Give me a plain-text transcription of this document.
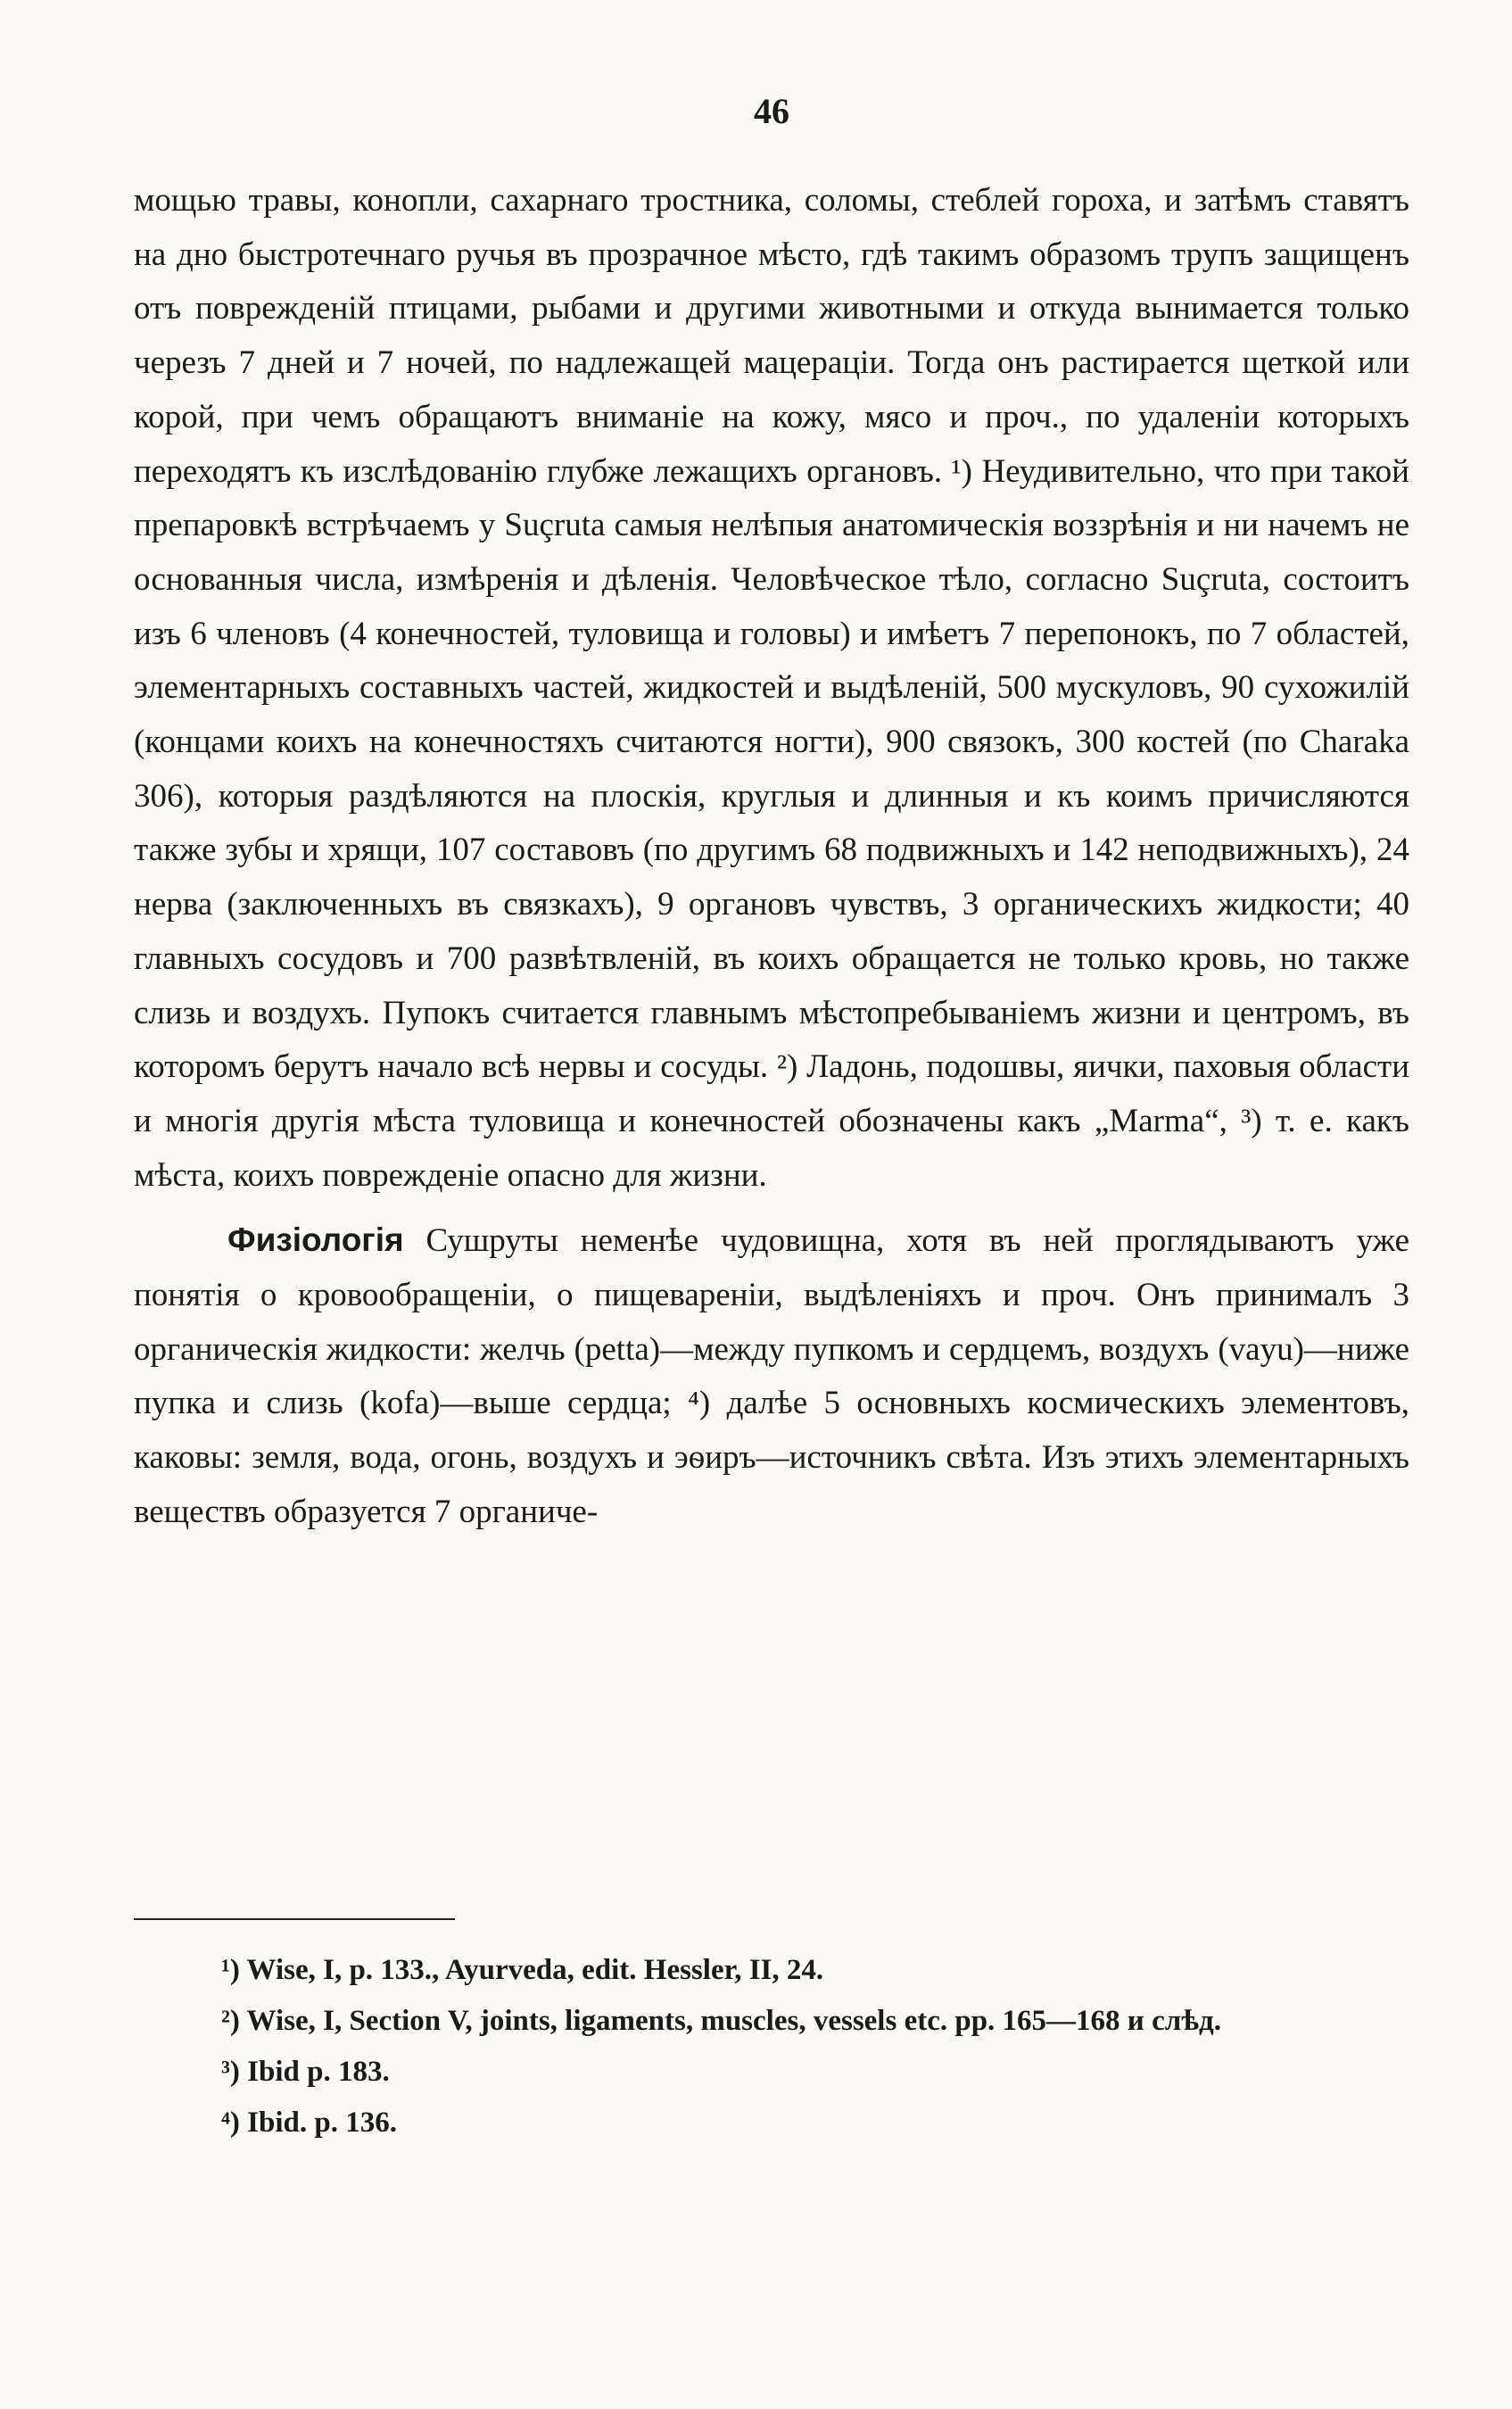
46

мощью травы, конопли, сахарнаго тростника, соломы, стеблей гороха, и затѣмъ ставятъ на дно быстротечнаго ручья въ прозрачное мѣсто, гдѣ такимъ образомъ трупъ защищенъ отъ поврежденій птицами, рыбами и другими животными и откуда вынимается только черезъ 7 дней и 7 ночей, по надлежащей мацераціи. Тогда онъ растирается щеткой или корой, при чемъ обращаютъ вниманіе на кожу, мясо и проч., по удаленіи которыхъ переходятъ къ изслѣдованію глубже лежащихъ органовъ. ¹) Неудивительно, что при такой препаровкѣ встрѣчаемъ у Suçruta самыя нелѣпыя анатомическія воззрѣнія и ни начемъ не основанныя числа, измѣренія и дѣленія. Человѣческое тѣло, согласно Suçruta, состоитъ изъ 6 членовъ (4 конечностей, туловища и головы) и имѣетъ 7 перепонокъ, по 7 областей, элементарныхъ составныхъ частей, жидкостей и выдѣленій, 500 мускуловъ, 90 сухожилій (концами коихъ на конечностяхъ считаются ногти), 900 связокъ, 300 костей (по Charaka 306), которыя раздѣляются на плоскія, круглыя и длинныя и къ коимъ причисляются также зубы и хрящи, 107 составовъ (по другимъ 68 подвижныхъ и 142 неподвижныхъ), 24 нерва (заключенныхъ въ связкахъ), 9 органовъ чувствъ, 3 органическихъ жидкости; 40 главныхъ сосудовъ и 700 развѣтвленій, въ коихъ обращается не только кровь, но также слизь и воздухъ. Пупокъ считается главнымъ мѣстопребываніемъ жизни и центромъ, въ которомъ берутъ начало всѣ нервы и сосуды. ²) Ладонь, подошвы, яички, паховыя области и многія другія мѣста туловища и конечностей обозначены какъ „Marma“, ³) т. е. какъ мѣста, коихъ поврежденіе опасно для жизни.

Физіологія Сушруты неменѣе чудовищна, хотя въ ней проглядываютъ уже понятія о кровообращеніи, о пищевареніи, выдѣленіяхъ и проч. Онъ принималъ 3 органическія жидкости: желчь (petta)—между пупкомъ и сердцемъ, воздухъ (vayu)—ниже пупка и слизь (kofa)—выше сердца; ⁴) далѣе 5 основныхъ космическихъ элементовъ, каковы: земля, вода, огонь, воздухъ и эѳиръ—источникъ свѣта. Изъ этихъ элементарныхъ веществъ образуется 7 органиче-

¹) Wise, I, p. 133., Ayurveda, edit. Hessler, II, 24.

²) Wise, I, Section V, joints, ligaments, muscles, vessels etc. pp. 165—168 и слѣд.

³) Ibid p. 183.

⁴) Ibid. p. 136.
